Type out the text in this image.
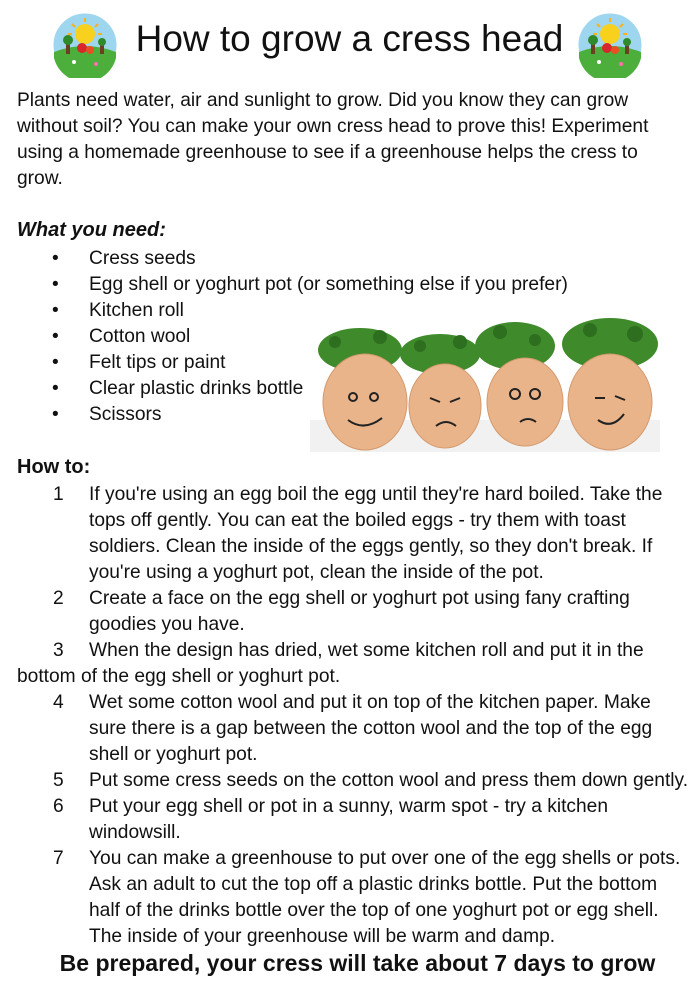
How to grow a cress head
Plants need water, air and sunlight to grow. Did you know they can grow without soil? You can make your own cress head to prove this! Experiment using a homemade greenhouse to see if a greenhouse helps the cress to grow.
What you need:
• Cress seeds
• Egg shell or yoghurt pot (or something else if you prefer)
• Kitchen roll
• Cotton wool
• Felt tips or paint
• Clear plastic drinks bottle
• Scissors
How to:
1 If you're using an egg boil the egg until they're hard boiled. Take the tops off gently. You can eat the boiled eggs - try them with toast soldiers. Clean the inside of the eggs gently, so they don't break. If you're using a yoghurt pot, clean the inside of the pot.
2 Create a face on the egg shell or yoghurt pot using fany crafting goodies you have.
3 When the design has dried, wet some kitchen roll and put it in the bottom of the egg shell or yoghurt pot.
4 Wet some cotton wool and put it on top of the kitchen paper. Make sure there is a gap between the cotton wool and the top of the egg shell or yoghurt pot.
5 Put some cress seeds on the cotton wool and press them down gently.
6 Put your egg shell or pot in a sunny, warm spot - try a kitchen windowsill.
7 You can make a greenhouse to put over one of the egg shells or pots. Ask an adult to cut the top off a plastic drinks bottle. Put the bottom half of the drinks bottle over the top of one yoghurt pot or egg shell. The inside of your greenhouse will be warm and damp.
Be prepared, your cress will take about 7 days to grow
